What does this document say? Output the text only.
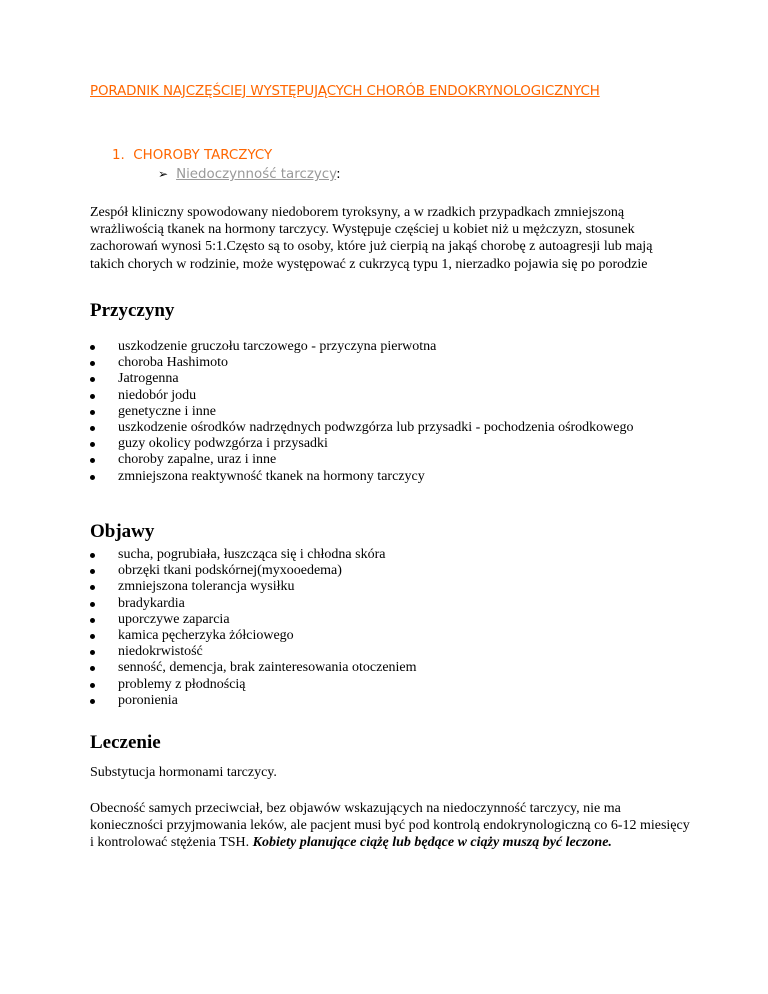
PORADNIK NAJCZĘŚCIEJ WYSTĘPUJĄCYCH CHORÓB ENDOKRYNOLOGICZNYCH
1. CHOROBY TARCZYCY
➢ Niedoczynność tarczycy:

Zespół kliniczny spowodowany niedoborem tyroksyny, a w rzadkich przypadkach zmniejszoną wrażliwością tkanek na hormony tarczycy. Występuje częściej u kobiet niż u mężczyzn, stosunek zachorowań wynosi 5:1.Często są to osoby, które już cierpią na jakąś chorobę z autoagresji lub mają takich chorych w rodzinie, może występować z cukrzycą typu 1, nierzadko pojawia się po porodzie

Przyczyny
uszkodzenie gruczołu tarczowego - przyczyna pierwotna
choroba Hashimoto
Jatrogenna
niedobór jodu
genetyczne i inne
uszkodzenie ośrodków nadrzędnych podwzgórza lub przysadki - pochodzenia ośrodkowego
guzy okolicy podwzgórza i przysadki
choroby zapalne, uraz i inne
zmniejszona reaktywność tkanek na hormony tarczycy
Objawy
sucha, pogrubiała, łuszcząca się i chłodna skóra
obrzęki tkani podskórnej(myxooedema)
zmniejszona tolerancja wysiłku
bradykardia
uporczywe zaparcia
kamica pęcherzyka żółciowego
niedokrwistość
senność, demencja, brak zainteresowania otoczeniem
problemy z płodnością
poronienia
Leczenie

Substytucja hormonami tarczycy.

Obecność samych przeciwciał, bez objawów wskazujących na niedoczynność tarczycy, nie ma konieczności przyjmowania leków, ale pacjent musi być pod kontrolą endokrynologiczną co 6-12 miesięcy i kontrolować stężenia TSH. Kobiety planujące ciążę lub będące w ciąży muszą być leczone.
